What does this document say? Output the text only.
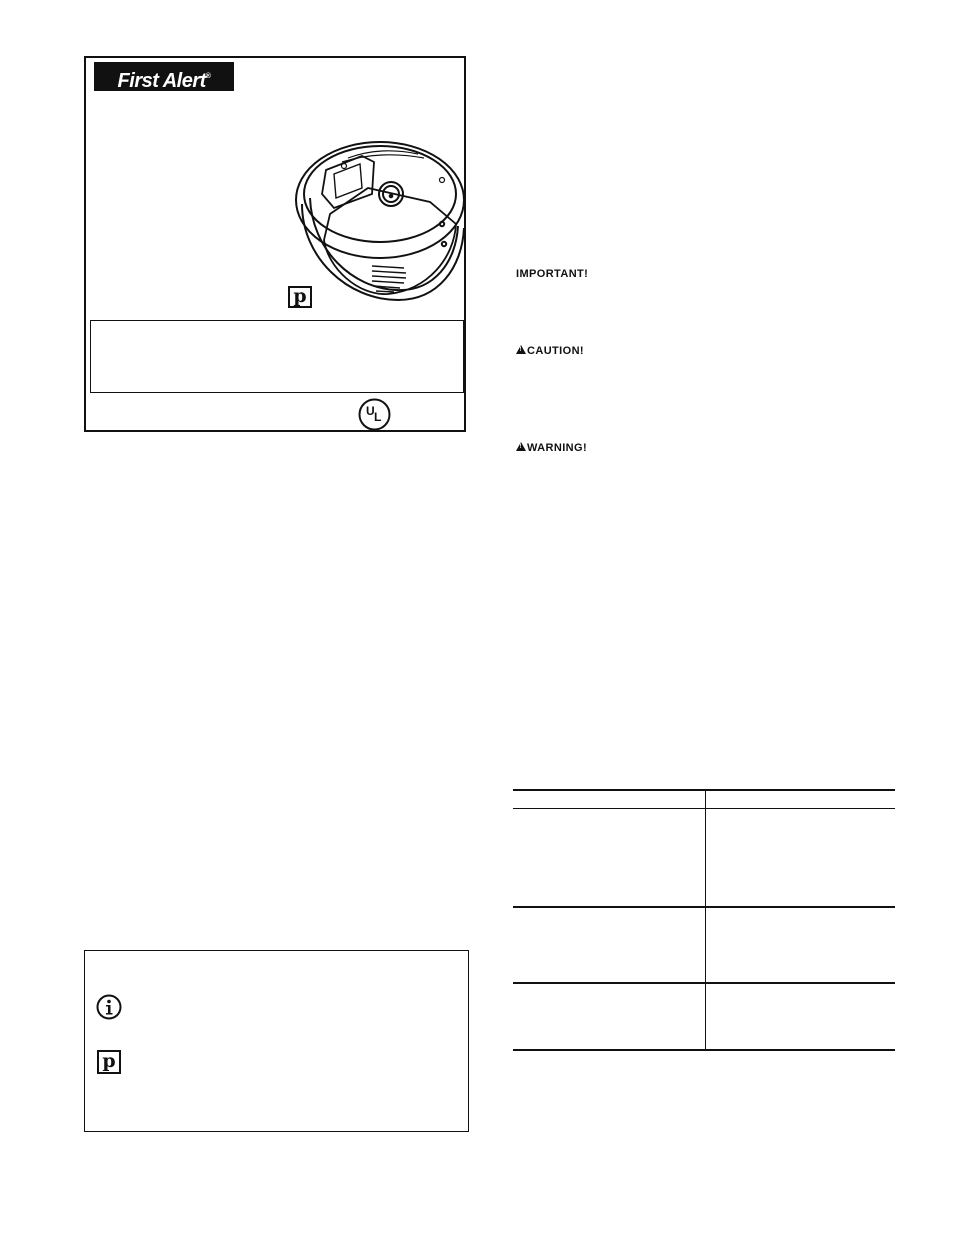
First Alert®
p
UL
p
IMPORTANT!
!CAUTION!
!WARNING!
